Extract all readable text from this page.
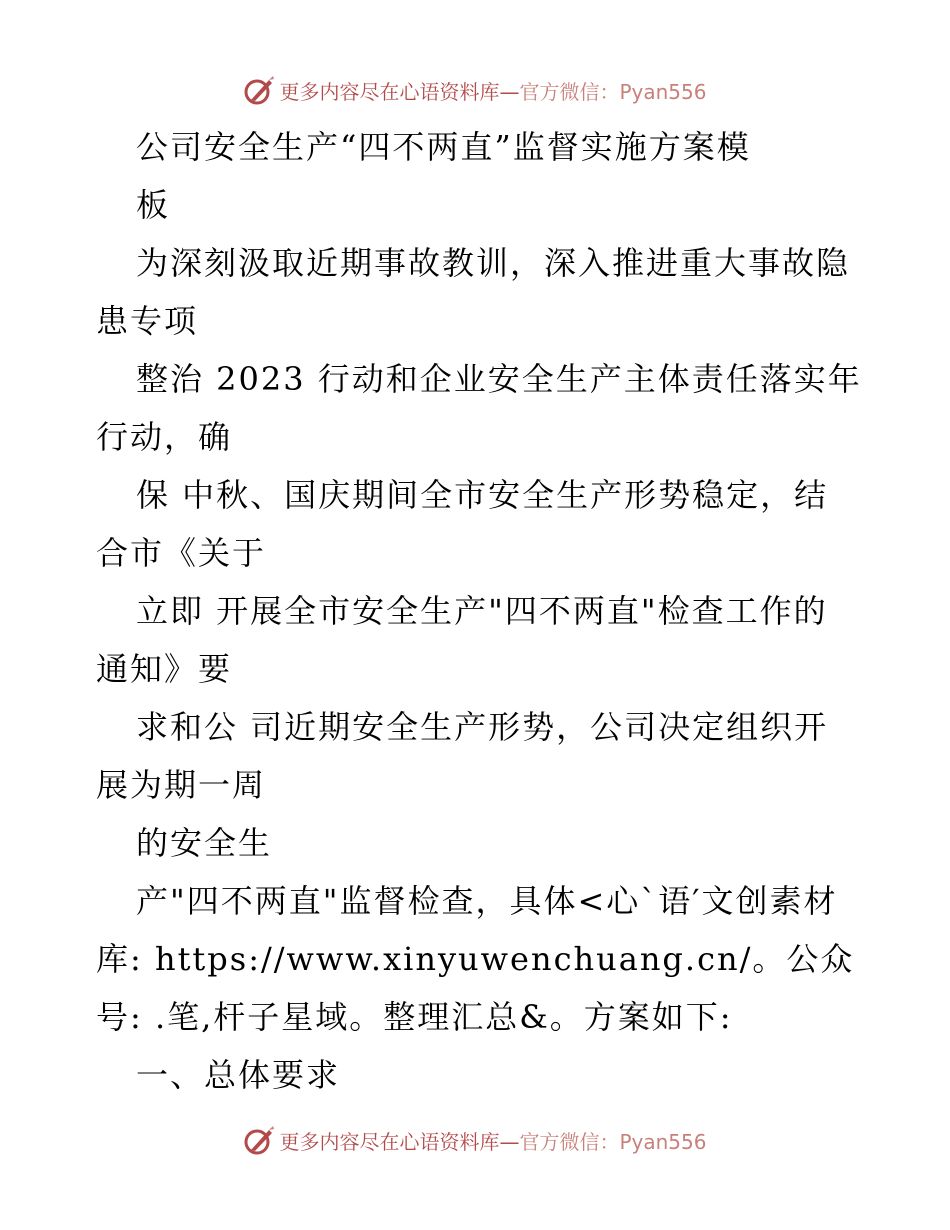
更多内容尽在心语资料库—官方微信：Pyan556
公司安全生产“四不两直”监督实施方案模
板
为深刻汲取近期事故教训，深入推进重大事故隐
患专项
整治 2023 行动和企业安全生产主体责任落实年
行动，确
保 中秋、国庆期间全市安全生产形势稳定，结
合市《关于
立即 开展全市安全生产"四不两直"检查工作的
通知》要
求和公 司近期安全生产形势，公司决定组织开
展为期一周
的安全生
产"四不两直"监督检查，具体<心`语′文创素材
库: https://www.xinyuwenchuang.cn/。公众
号: .笔,杆子星域。整理汇总&。方案如下:
一、总体要求
更多内容尽在心语资料库—官方微信：Pyan556
